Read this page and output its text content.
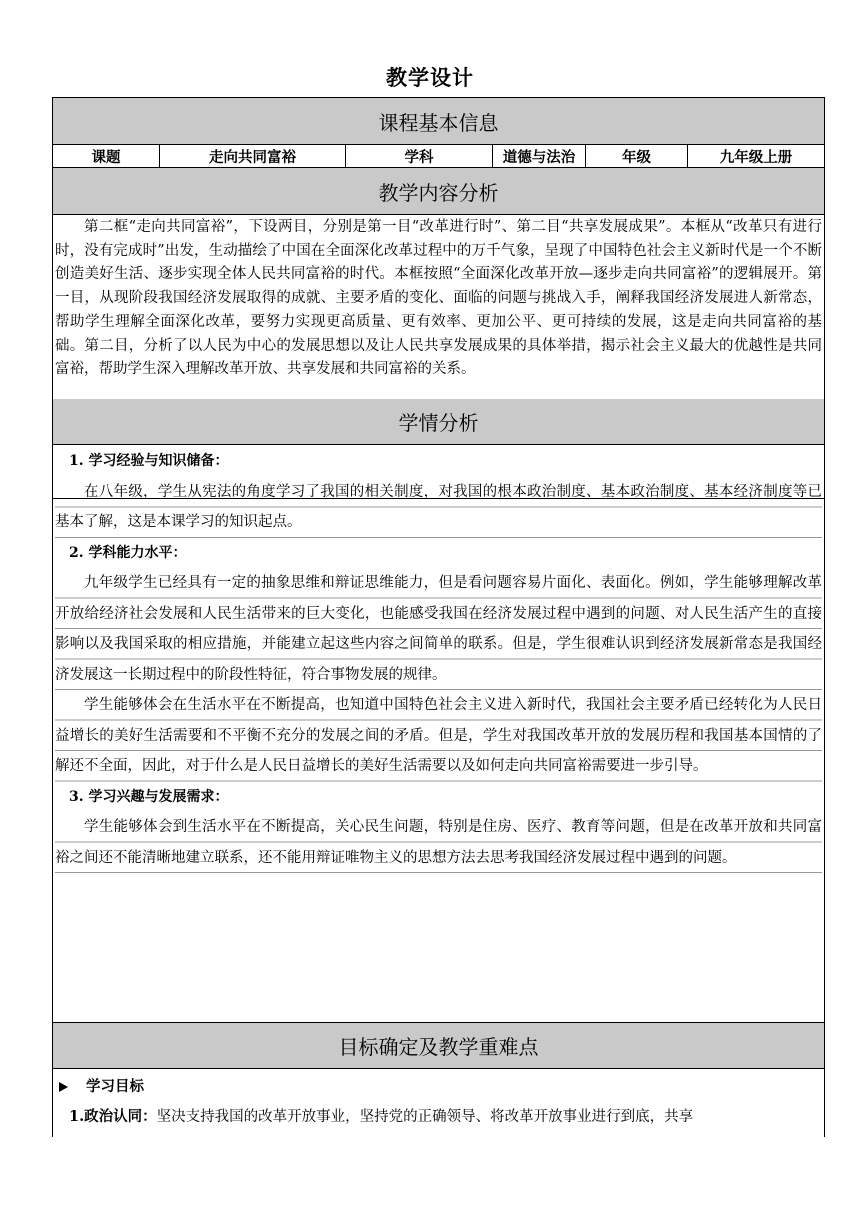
教学设计
课程基本信息
课题	走向共同富裕	学科	道德与法治	年级	九年级上册
教学内容分析
第二框“走向共同富裕”，下设两目，分别是第一目“改革进行时”、第二目“共享发展成果”。本框从“改革只有进行时，没有完成时”出发，生动描绘了中国在全面深化改革过程中的万千气象，呈现了中国特色社会主义新时代是一个不断创造美好生活、逐步实现全体人民共同富裕的时代。本框按照“全面深化改革开放—逐步走向共同富裕”的逻辑展开。第一目，从现阶段我国经济发展取得的成就、主要矛盾的变化、面临的问题与挑战入手，阐释我国经济发展进人新常态，帮助学生理解全面深化改革，要努力实现更高质量、更有效率、更加公平、更可持续的发展，这是走向共同富裕的基础。第二目，分析了以人民为中心的发展思想以及让人民共享发展成果的具体举措，揭示社会主义最大的优越性是共同富裕，帮助学生深入理解改革开放、共享发展和共同富裕的关系。
学情分析

1. 学习经验与知识储备：

在八年级，学生从宪法的角度学习了我国的相关制度，对我国的根本政治制度、基本政治制度、基本经济制度等已基本了解，这是本课学习的知识起点。

2. 学科能力水平：

九年级学生已经具有一定的抽象思维和辩证思维能力，但是看问题容易片面化、表面化。例如，学生能够理解改革开放给经济社会发展和人民生活带来的巨大变化，也能感受我国在经济发展过程中遇到的问题、对人民生活产生的直接影响以及我国采取的相应措施，并能建立起这些内容之间简单的联系。但是，学生很难认识到经济发展新常态是我国经济发展这一长期过程中的阶段性特征，符合事物发展的规律。

学生能够体会在生活水平在不断提高，也知道中国特色社会主义进入新时代，我国社会主要矛盾已经转化为人民日益增长的美好生活需要和不平衡不充分的发展之间的矛盾。但是，学生对我国改革开放的发展历程和我国基本国情的了解还不全面，因此，对于什么是人民日益增长的美好生活需要以及如何走向共同富裕需要进一步引导。

3. 学习兴趣与发展需求：

学生能够体会到生活水平在不断提高，关心民生问题，特别是住房、医疗、教育等问题，但是在改革开放和共同富裕之间还不能清晰地建立联系，还不能用辩证唯物主义的思想方法去思考我国经济发展过程中遇到的问题。

目标确定及教学重难点
学习目标
1.政治认同：坚决支持我国的改革开放事业，坚持党的正确领导、将改革开放事业进行到底，共享
